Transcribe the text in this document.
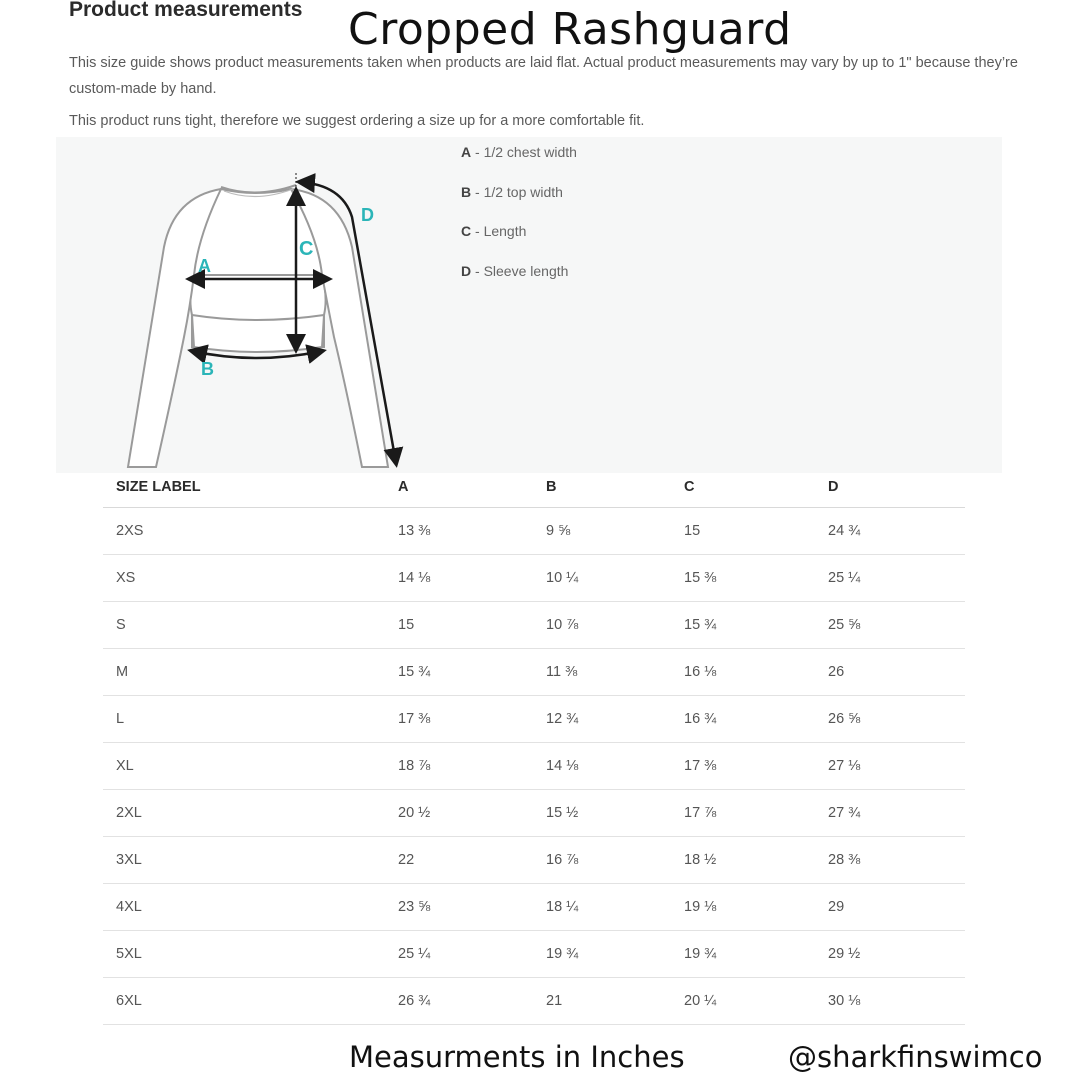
Product measurements Cropped Rashguard

This size guide shows product measurements taken when products are laid flat. Actual product measurements may vary by up to 1" because they’re custom-made by hand.

This product runs tight, therefore we suggest ordering a size up for a more comfortable fit.

A
B
C
D
A - 1/2 chest width
B - 1/2 top width
C - Length
D - Sleeve length
SIZE LABEL	A	B	C	D
2XS	13 ⅜	9 ⅝	15	24 ¾
XS	14 ⅛	10 ¼	15 ⅜	25 ¼
S	15	10 ⅞	15 ¾	25 ⅝
M	15 ¾	11 ⅜	16 ⅛	26
L	17 ⅜	12 ¾	16 ¾	26 ⅝
XL	18 ⅞	14 ⅛	17 ⅜	27 ⅛
2XL	20 ½	15 ½	17 ⅞	27 ¾
3XL	22	16 ⅞	18 ½	28 ⅜
4XL	23 ⅝	18 ¼	19 ⅛	29
5XL	25 ¼	19 ¾	19 ¾	29 ½
6XL	26 ¾	21	20 ¼	30 ⅛
Measurments in Inches	@sharkfinswimco
